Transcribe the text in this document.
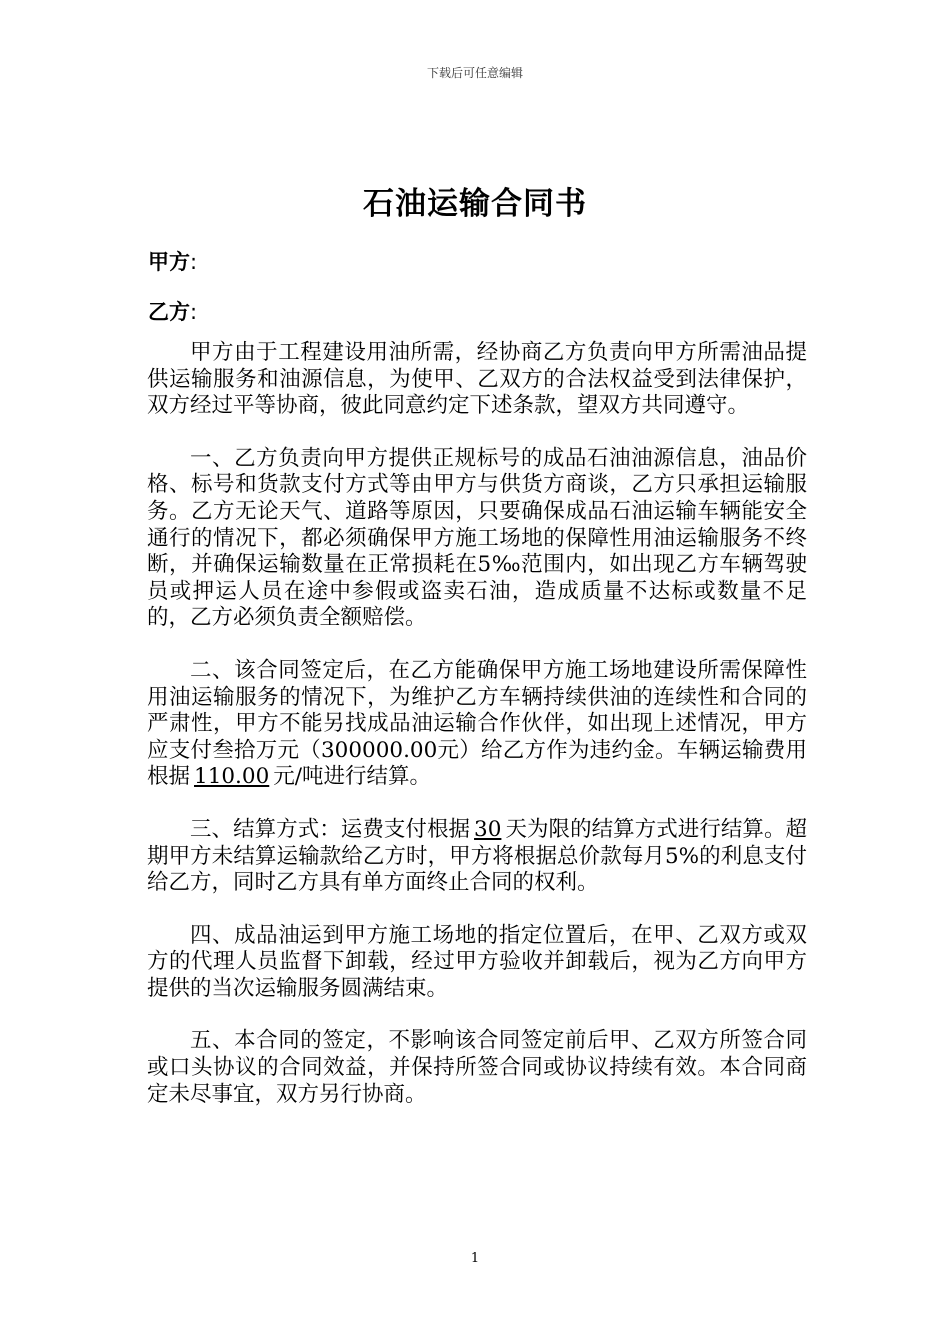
下载后可任意编辑
石油运输合同书
甲方:
乙方:

甲方由于工程建设用油所需，经协商乙方负责向甲方所需油品提供运输服务和油源信息，为使甲、乙双方的合法权益受到法律保护，双方经过平等协商，彼此同意约定下述条款，望双方共同遵守。

一、乙方负责向甲方提供正规标号的成品石油油源信息，油品价格、标号和货款支付方式等由甲方与供货方商谈，乙方只承担运输服务。乙方无论天气、道路等原因，只要确保成品石油运输车辆能安全通行的情况下，都必须确保甲方施工场地的保障性用油运输服务不终断，并确保运输数量在正常损耗在5‰范围内，如出现乙方车辆驾驶员或押运人员在途中参假或盗卖石油，造成质量不达标或数量不足的，乙方必须负责全额赔偿。

二、该合同签定后，在乙方能确保甲方施工场地建设所需保障性用油运输服务的情况下，为维护乙方车辆持续供油的连续性和合同的严肃性，甲方不能另找成品油运输合作伙伴，如出现上述情况，甲方应支付叁拾万元（300000.00元）给乙方作为违约金。车辆运输费用根据 110.00 元/吨进行结算。

三、结算方式：运费支付根据 30 天为限的结算方式进行结算。超期甲方未结算运输款给乙方时，甲方将根据总价款每月5%的利息支付给乙方，同时乙方具有单方面终止合同的权利。

四、成品油运到甲方施工场地的指定位置后，在甲、乙双方或双方的代理人员监督下卸载，经过甲方验收并卸载后，视为乙方向甲方提供的当次运输服务圆满结束。

五、本合同的签定，不影响该合同签定前后甲、乙双方所签合同或口头协议的合同效益，并保持所签合同或协议持续有效。本合同商定未尽事宜，双方另行协商。

1
